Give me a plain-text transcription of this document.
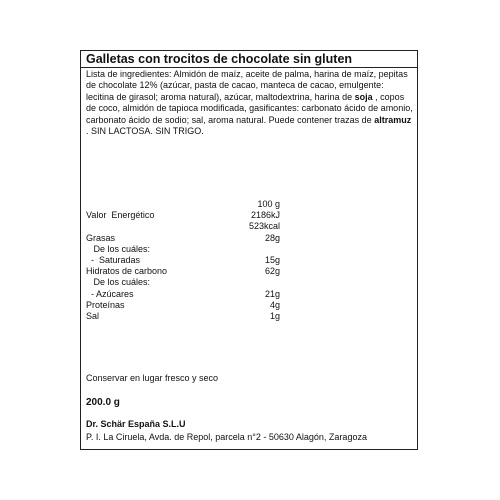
Galletas con trocitos de chocolate sin gluten
Lista de ingredientes: Almidón de maíz, aceite de palma, harina de maíz, pepitas de chocolate 12% (azúcar, pasta de cacao, manteca de cacao, emulgente: lecitina de girasol; aroma natural), azúcar, maltodextrina, harina de soja , copos de coco, almidón de tapioca modificada, gasificantes: carbonato ácido de amonio, carbonato ácido de sodio; sal, aroma natural. Puede contener trazas de altramuz . SIN LACTOSA. SIN TRIGO.
100 g
Valor  Energético	2186kJ
523kcal
Grasas	28g
De los cuáles:
-  Saturadas	15g
Hidratos de carbono	62g
De los cuáles:
- Azúcares	21g
Proteínas	4g
Sal	1g
Conservar en lugar fresco y seco
200.0 g
Dr. Schär España S.L.U
P. I. La Ciruela, Avda. de Repol, parcela n°2 - 50630 Alagón, Zaragoza
